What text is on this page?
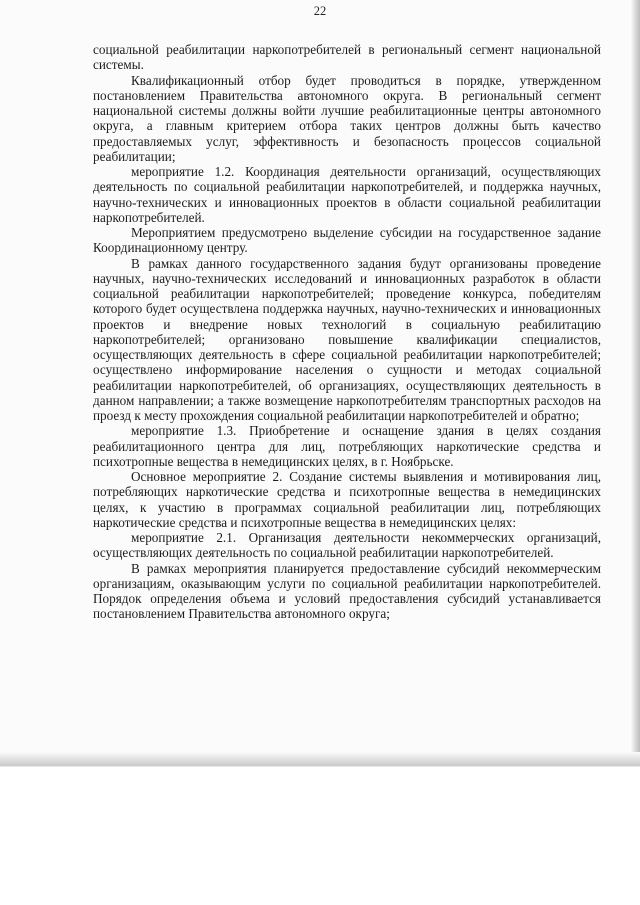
22

социальной реабилитации наркопотребителей в региональный сегмент национальной системы.

Квалификационный отбор будет проводиться в порядке, утвержденном постановлением Правительства автономного округа. В региональный сегмент национальной системы должны войти лучшие реабилитационные центры автономного округа, а главным критерием отбора таких центров должны быть качество предоставляемых услуг, эффективность и безопасность процессов социальной реабилитации;

мероприятие 1.2. Координация деятельности организаций, осуществляющих деятельность по социальной реабилитации наркопотребителей, и поддержка научных, научно-технических и инновационных проектов в области социальной реабилитации наркопотребителей.

Мероприятием предусмотрено выделение субсидии на государственное задание Координационному центру.

В рамках данного государственного задания будут организованы проведение научных, научно-технических исследований и инновационных разработок в области социальной реабилитации наркопотребителей; проведение конкурса, победителям которого будет осуществлена поддержка научных, научно-технических и инновационных проектов и внедрение новых технологий в социальную реабилитацию наркопотребителей; организовано повышение квалификации специалистов, осуществляющих деятельность в сфере социальной реабилитации наркопотребителей; осуществлено информирование населения о сущности и методах социальной реабилитации наркопотребителей, об организациях, осуществляющих деятельность в данном направлении; а также возмещение наркопотребителям транспортных расходов на проезд к месту прохождения социальной реабилитации наркопотребителей и обратно;

мероприятие 1.3. Приобретение и оснащение здания в целях создания реабилитационного центра для лиц, потребляющих наркотические средства и психотропные вещества в немедицинских целях, в г. Ноябрьске.

Основное мероприятие 2. Создание системы выявления и мотивирования лиц, потребляющих наркотические средства и психотропные вещества в немедицинских целях, к участию в программах социальной реабилитации лиц, потребляющих наркотические средства и психотропные вещества в немедицинских целях:

мероприятие 2.1. Организация деятельности некоммерческих организаций, осуществляющих деятельность по социальной реабилитации наркопотребителей.

В рамках мероприятия планируется предоставление субсидий некоммерческим организациям, оказывающим услуги по социальной реабилитации наркопотребителей. Порядок определения объема и условий предоставления субсидий устанавливается постановлением Правительства автономного округа;
